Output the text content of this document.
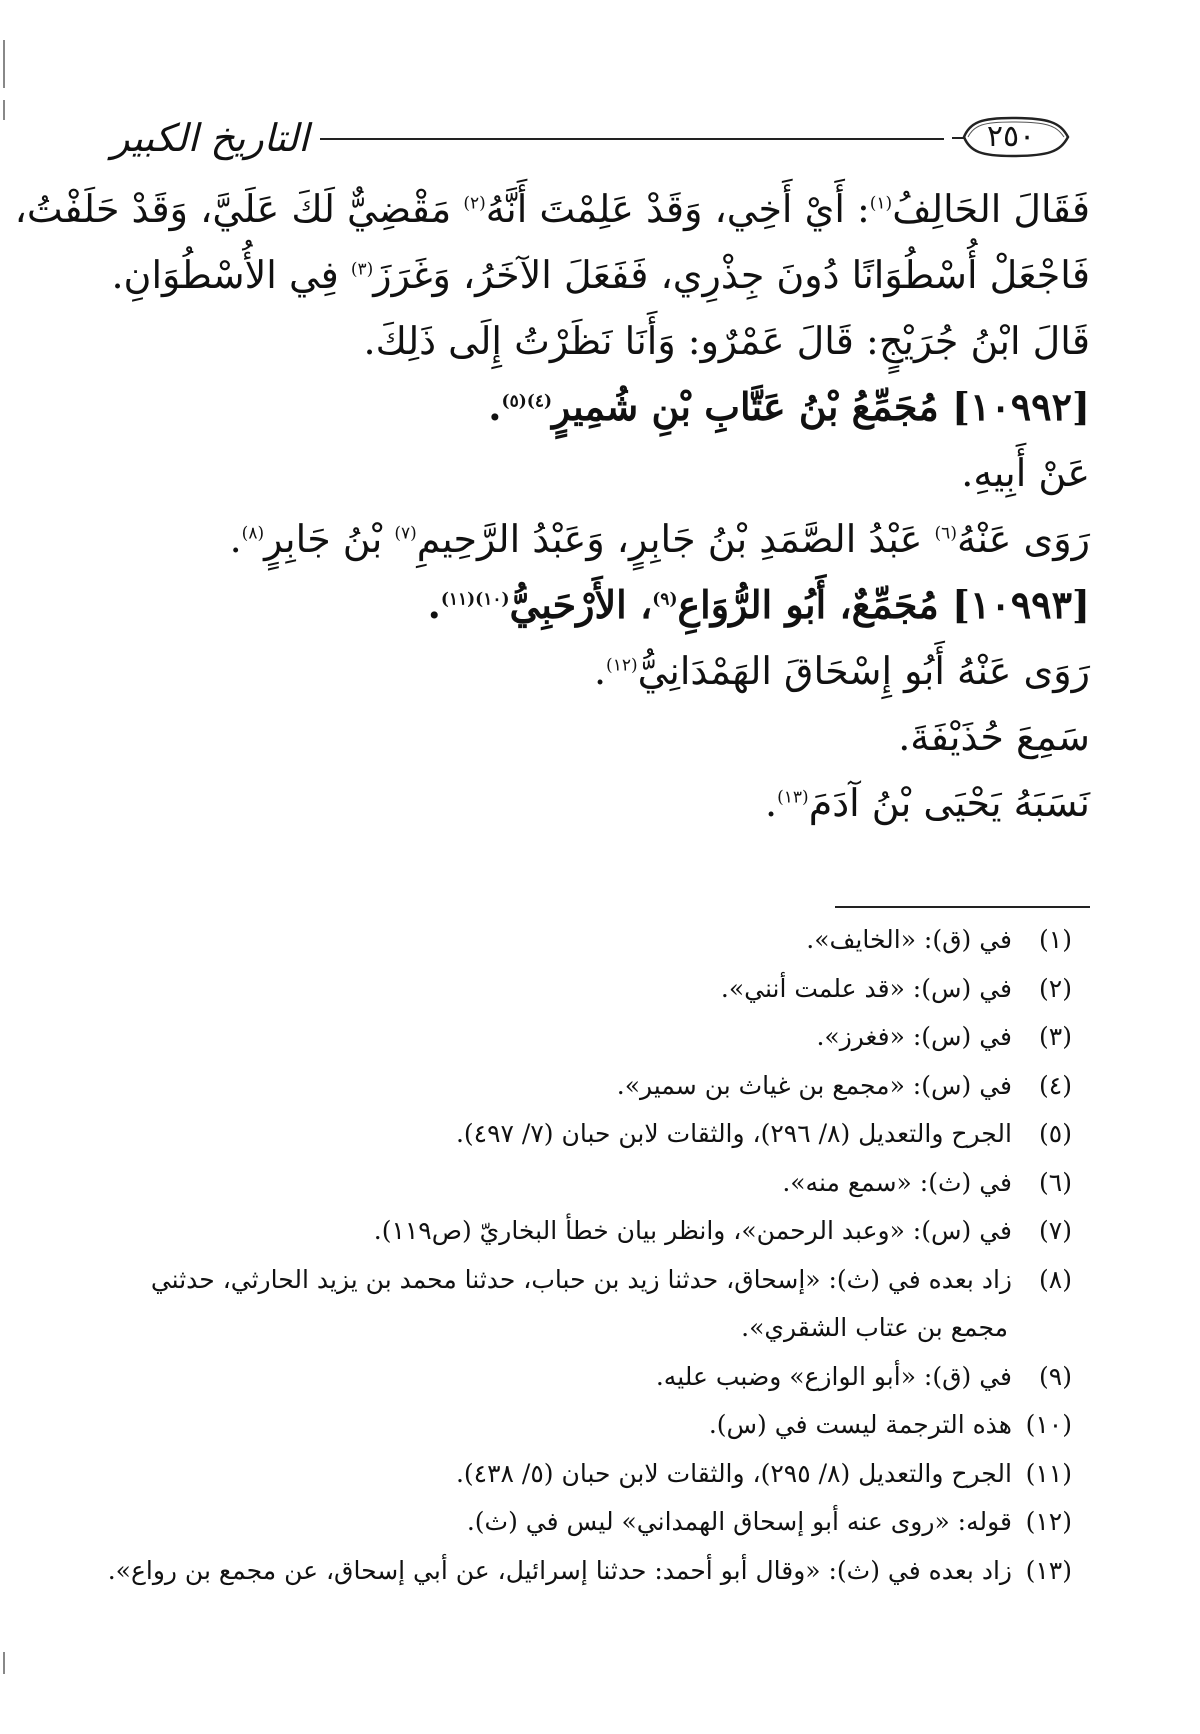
٢٥٠
التاريخ الكبير
فَقَالَ الحَالِفُ$^{(١)}$: أَيْ أَخِي، وَقَدْ عَلِمْتَ أَنَّهُ$^{(٢)}$ مَقْضِيٌّ لَكَ عَلَيَّ، وَقَدْ حَلَفْتُ،
فَاجْعَلْ أُسْطُوَانًا دُونَ جِذْرِي، فَفَعَلَ الآخَرُ، وَغَرَزَ$^{(٣)}$ فِي الأُسْطُوَانِ.
قَالَ ابْنُ جُرَيْجٍ: قَالَ عَمْرٌو: وَأَنَا نَظَرْتُ إِلَى ذَلِكَ.
[١٠٩٩٢] مُجَمِّعُ بْنُ عَتَّابِ بْنِ شُمِيرٍ$^{(٤)(٥)}$.
عَنْ أَبِيهِ.
رَوَى عَنْهُ$^{(٦)}$ عَبْدُ الصَّمَدِ بْنُ جَابِرٍ، وَعَبْدُ الرَّحِيمِ$^{(٧)}$ بْنُ جَابِرٍ$^{(٨)}$.
[١٠٩٩٣] مُجَمِّعٌ، أَبُو الرُّوَاعِ$^{(٩)}$، الأَرْحَبِيُّ$^{(١٠)(١١)}$.
رَوَى عَنْهُ أَبُو إِسْحَاقَ الهَمْدَانِيُّ$^{(١٢)}$.
سَمِعَ حُذَيْفَةَ.
نَسَبَهُ يَحْيَى بْنُ آدَمَ$^{(١٣)}$.
(١)في (ق): «الخايف».
(٢)في (س): «قد علمت أنني».
(٣)في (س): «فغرز».
(٤)في (س): «مجمع بن غياث بن سمير».
(٥)الجرح والتعديل (٨/ ٢٩٦)، والثقات لابن حبان (٧/ ٤٩٧).
(٦)في (ث): «سمع منه».
(٧)في (س): «وعبد الرحمن»، وانظر بيان خطأ البخاريّ (ص١١٩).
(٨)زاد بعده في (ث): «إسحاق، حدثنا زيد بن حباب، حدثنا محمد بن يزيد الحارثي، حدثني
مجمع بن عتاب الشقري».
(٩)في (ق): «أبو الوازع» وضبب عليه.
(١٠)هذه الترجمة ليست في (س).
(١١)الجرح والتعديل (٨/ ٢٩٥)، والثقات لابن حبان (٥/ ٤٣٨).
(١٢)قوله: «روى عنه أبو إسحاق الهمداني» ليس في (ث).
(١٣)زاد بعده في (ث): «وقال أبو أحمد: حدثنا إسرائيل، عن أبي إسحاق، عن مجمع بن رواع».
